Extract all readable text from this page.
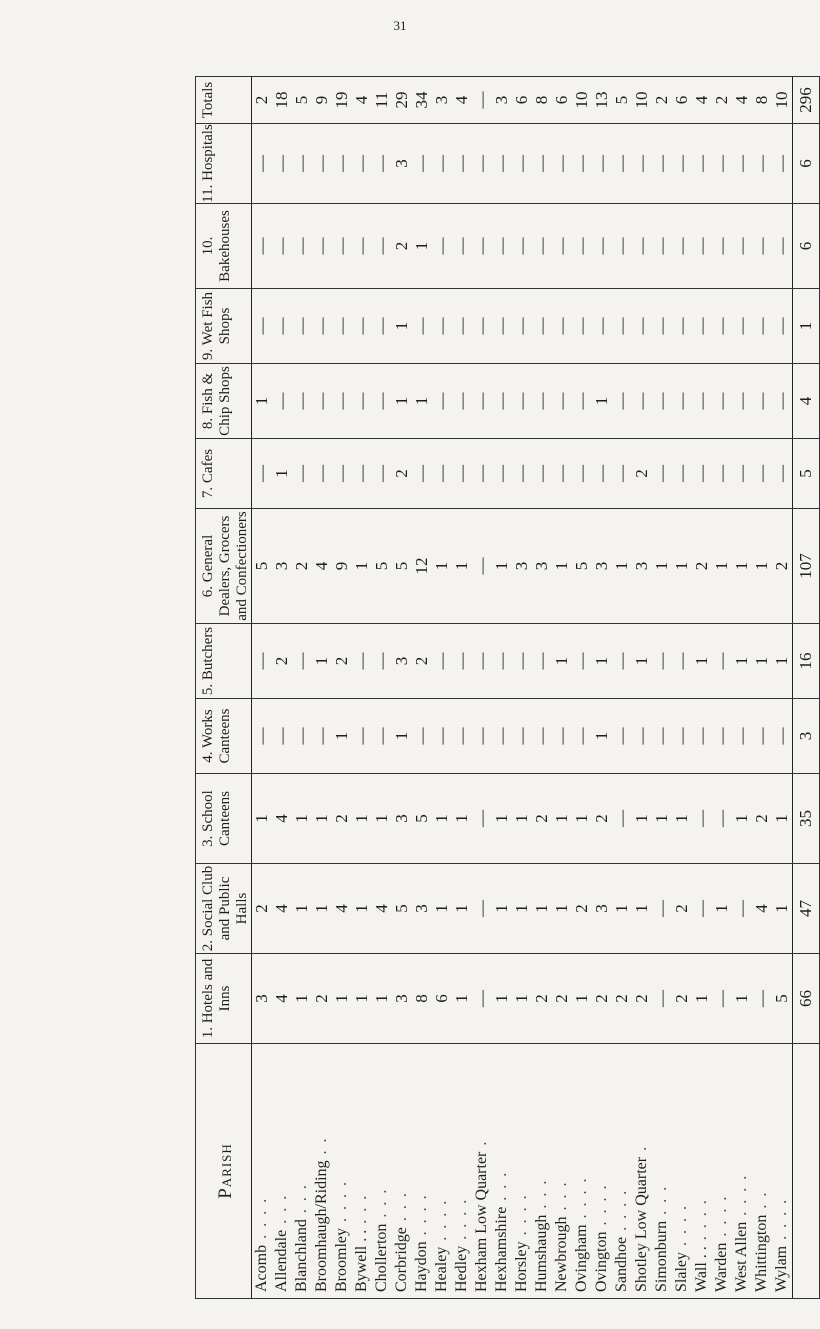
31
Parish	1. Hotels and Inns	2. Social Club and Public Halls	3. School Canteens	4. Works Canteens	5. Butchers	6. General Dealers, Grocers and Confectioners	7. Cafes	8. Fish & Chip Shops	9. Wet Fish Shops	10. Bakehouses	11. Hospitals	Totals
Acomb . . . .	3	2	1	—	—	5	—	1	—	—	—	2
Allendale . . .	4	4	4	—	2	3	1	—	—	—	—	18
Blanchland . . .	1	1	1	—	—	2	—	—	—	—	—	5
Broomhaugh/Riding . .	2	1	1	—	1	4	—	—	—	—	—	9
Broomley . . . .	1	4	2	1	2	9	—	—	—	—	—	19
Bywell . . . . .	1	1	1	—	—	1	—	—	—	—	—	4
Chollerton . . .	1	4	1	—	—	5	—	—	—	—	—	11
Corbridge . . .	3	5	3	1	3	5	2	1	1	2	3	29
Haydon . . . .	8	3	5	—	2	12	—	1	—	1	—	34
Healey . . . .	6	1	1	—	—	1	—	—	—	—	—	3
Hedley . . . .	1	1	1	—	—	1	—	—	—	—	—	4
Hexham Low Quarter .	—	—	—	—	—	—	—	—	—	—	—	—
Hexhamshire . . .	1	1	1	—	—	1	—	—	—	—	—	3
Horsley . . . .	1	1	1	—	—	3	—	—	—	—	—	6
Humshaugh . . .	2	1	2	—	—	3	—	—	—	—	—	8
Newbrough . . .	2	1	1	—	1	1	—	—	—	—	—	6
Ovingham . . . .	1	2	1	—	—	5	—	—	—	—	—	10
Ovington . . . .	2	3	2	1	1	3	—	1	—	—	—	13
Sandhoe . . . .	2	1	—	—	—	1	—	—	—	—	—	5
Shotley Low Quarter .	2	1	1	—	1	3	2	—	—	—	—	10
Simonburn . . .	—	—	1	—	—	1	—	—	—	—	—	2
Slaley . . . .	2	2	1	—	—	1	—	—	—	—	—	6
Wall . . . . . .	1	—	—	—	1	2	—	—	—	—	—	4
Warden . . . .	—	1	—	—	—	1	—	—	—	—	—	2
West Allen . . . .	1	—	1	—	1	1	—	—	—	—	—	4
Whittington . .	—	4	2	—	1	1	—	—	—	—	—	8
Wylam . . . .	5	1	1	—	1	2	—	—	—	—	—	10
	66	47	35	3	16	107	5	4	1	6	6	296
